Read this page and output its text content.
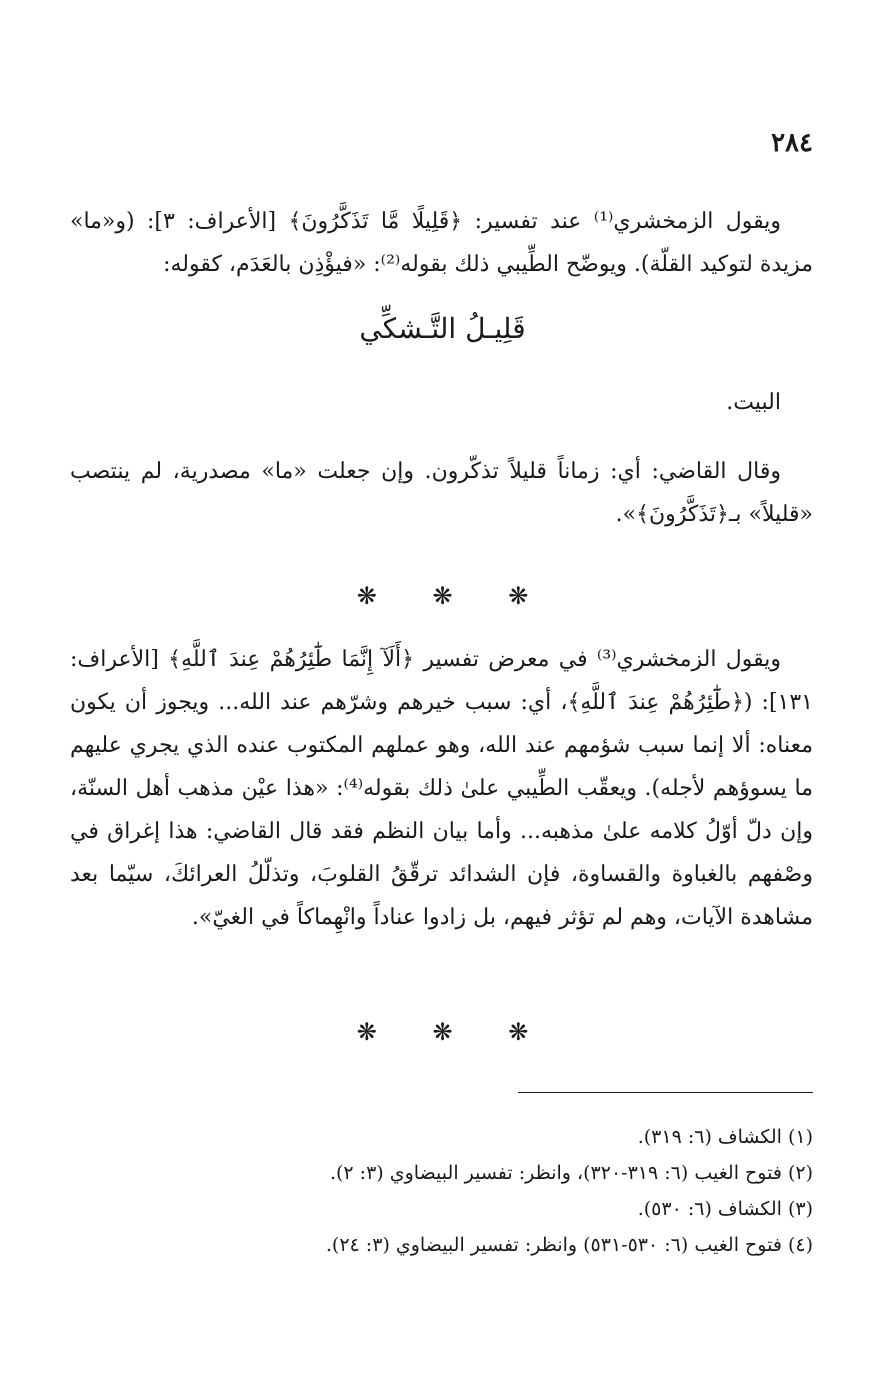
٢٨٤

ويقول الزمخشري⁽¹⁾ عند تفسير: ﴿قَلِيلًا مَّا تَذَكَّرُونَ﴾ [الأعراف: ٣]: (و«ما» مزيدة لتوكيد القلّة). ويوضّح الطِّيبي ذلك بقوله⁽²⁾: «فيؤْذِن بالعَدَم، كقوله:

قَلِيـلُ التَّـشكِّي
البيت.

وقال القاضي: أي: زماناً قليلاً تذكّرون. وإن جعلت «ما» مصدرية، لم ينتصب «قليلاً» بـ﴿تَذَكَّرُونَ﴾».

❋ ❋ ❋

ويقول الزمخشري⁽³⁾ في معرض تفسير ﴿أَلَآ إِنَّمَا طَٰٓئِرُهُمْ عِندَ ٱللَّهِ﴾ [الأعراف: ١٣١]: (﴿طَٰٓئِرُهُمْ عِندَ ٱللَّهِ﴾، أي: سبب خيرهم وشرّهم عند الله... ويجوز أن يكون معناه: ألا إنما سبب شؤمهم عند الله، وهو عملهم المكتوب عنده الذي يجري عليهم ما يسوؤهم لأجله). ويعقّب الطِّيبي علىٰ ذلك بقوله⁽⁴⁾: «هذا عيْن مذهب أهل السنّة، وإن دلّ أوّلُ كلامه علىٰ مذهبه... وأما بيان النظم فقد قال القاضي: هذا إغراق في وصْفهم بالغباوة والقساوة، فإن الشدائد ترقّقُ القلوبَ، وتذلّلُ العرائكَ، سيّما بعد مشاهدة الآيات، وهم لم تؤثر فيهم، بل زادوا عناداً وانْهِماكاً في الغيّ».

❋ ❋ ❋
(١) الكشاف (٦: ٣١٩).
(٢) فتوح الغيب (٦: ٣١٩-٣٢٠)، وانظر: تفسير البيضاوي (٣: ٢).
(٣) الكشاف (٦: ٥٣٠).
(٤) فتوح الغيب (٦: ٥٣٠-٥٣١) وانظر: تفسير البيضاوي (٣: ٢٤).
